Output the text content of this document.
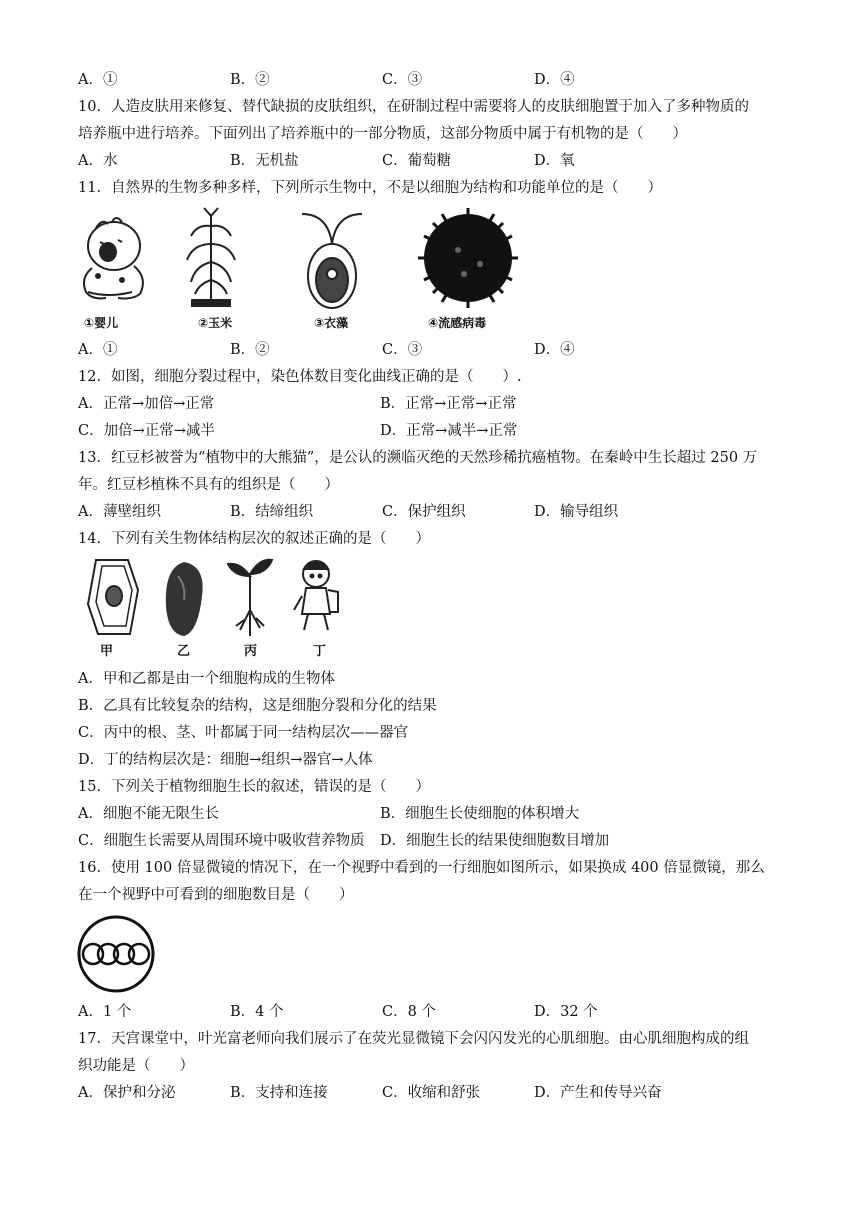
A．①	B．②	C．③	D．④
10．人造皮肤用来修复、替代缺损的皮肤组织，在研制过程中需要将人的皮肤细胞置于加入了多种物质的
培养瓶中进行培养。下面列出了培养瓶中的一部分物质，这部分物质中属于有机物的是（　　）
A．水	B．无机盐	C．葡萄糖	D．氧
11．自然界的生物多种多样，下列所示生物中，不是以细胞为结构和功能单位的是（　　）
①婴儿	②玉米	③衣藻	④流感病毒
A．①	B．②	C．③	D．④
12．如图，细胞分裂过程中，染色体数目变化曲线正确的是（　　）.
A．正常→加倍→正常	B．正常→正常→正常
C．加倍→正常→减半	D．正常→减半→正常
13．红豆杉被誉为“植物中的大熊猫”，是公认的濒临灭绝的天然珍稀抗癌植物。在秦岭中生长超过 250 万
年。红豆杉植株不具有的组织是（　　）
A．薄壁组织	B．结缔组织	C．保护组织	D．输导组织
14．下列有关生物体结构层次的叙述正确的是（　　）
甲	乙	丙	丁
A．甲和乙都是由一个细胞构成的生物体
B．乙具有比较复杂的结构，这是细胞分裂和分化的结果
C．丙中的根、茎、叶都属于同一结构层次——器官
D．丁的结构层次是：细胞→组织→器官→人体
15．下列关于植物细胞生长的叙述，错误的是（　　）
A．细胞不能无限生长	B．细胞生长使细胞的体积增大
C．细胞生长需要从周围环境中吸收营养物质 D．细胞生长的结果使细胞数目增加
16．使用 100 倍显微镜的情况下，在一个视野中看到的一行细胞如图所示，如果换成 400 倍显微镜，那么
在一个视野中可看到的细胞数目是（　　）
A．1 个	B．4 个	C．8 个	D．32 个
17．天宫课堂中，叶光富老师向我们展示了在荧光显微镜下会闪闪发光的心肌细胞。由心肌细胞构成的组
织功能是（　　）
A．保护和分泌	B．支持和连接	C．收缩和舒张	D．产生和传导兴奋
